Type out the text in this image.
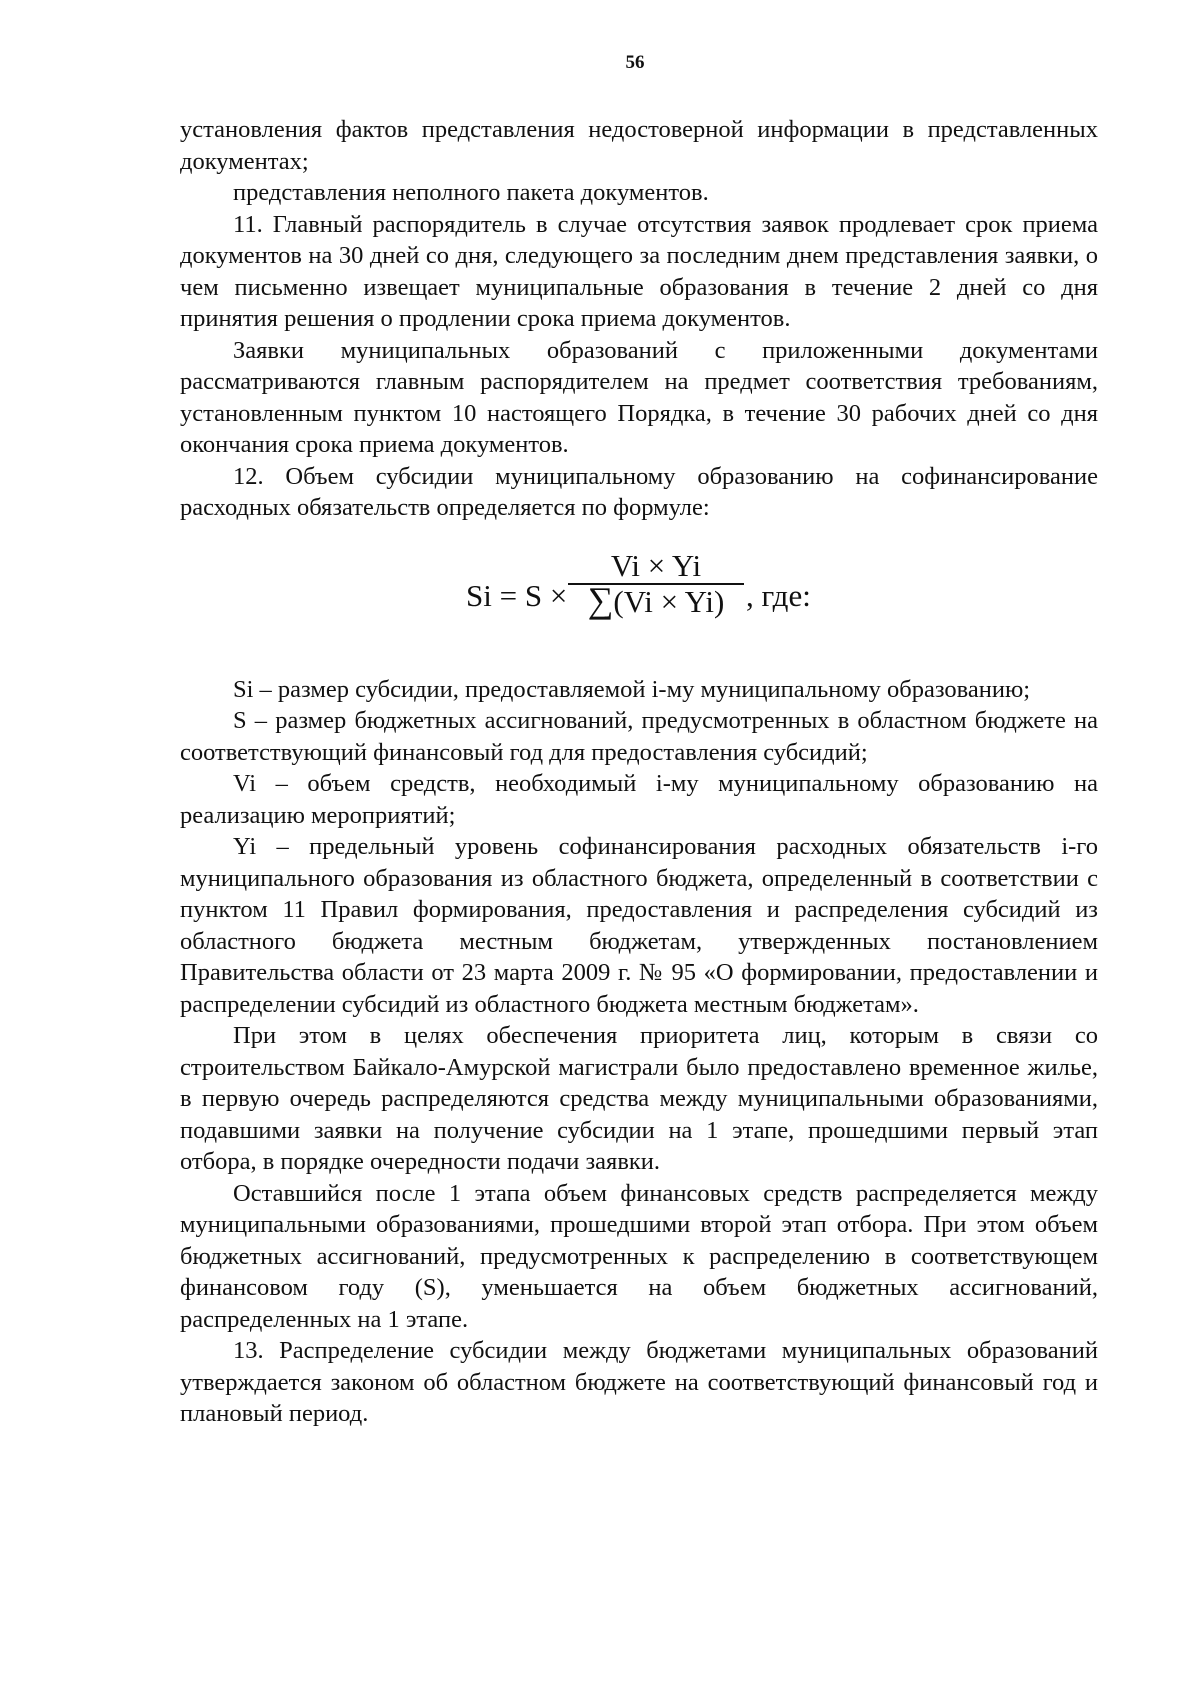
56

установления фактов представления недостоверной информации в представленных документах;

представления неполного пакета документов.

11. Главный распорядитель в случае отсутствия заявок продлевает срок приема документов на 30 дней со дня, следующего за последним днем представления заявки, о чем письменно извещает муниципальные образования в течение 2 дней со дня принятия решения о продлении срока приема документов.

Заявки муниципальных образований с приложенными документами рассматриваются главным распорядителем на предмет соответствия требованиям, установленным пунктом 10 настоящего Порядка, в течение 30 рабочих дней со дня окончания срока приема документов.

12. Объем субсидии муниципальному образованию на софинансирование расходных обязательств определяется по формуле:

Si = S ×
Vi × Yi
∑(Vi × Yi) , где:

Si – размер субсидии, предоставляемой i-му муниципальному образованию;

S – размер бюджетных ассигнований, предусмотренных в областном бюджете на соответствующий финансовый год для предоставления субсидий;

Vi – объем средств, необходимый i-му муниципальному образованию на реализацию мероприятий;

Yi – предельный уровень софинансирования расходных обязательств i-го муниципального образования из областного бюджета, определенный в соответствии с пунктом 11 Правил формирования, предоставления и распределения субсидий из областного бюджета местным бюджетам, утвержденных постановлением Правительства области от 23 марта 2009 г. № 95 «О формировании, предоставлении и распределении субсидий из областного бюджета местным бюджетам».

При этом в целях обеспечения приоритета лиц, которым в связи со строительством Байкало-Амурской магистрали было предоставлено временное жилье, в первую очередь распределяются средства между муниципальными образованиями, подавшими заявки на получение субсидии на 1 этапе, прошедшими первый этап отбора, в порядке очередности подачи заявки.

Оставшийся после 1 этапа объем финансовых средств распределяется между муниципальными образованиями, прошедшими второй этап отбора. При этом объем бюджетных ассигнований, предусмотренных к распределению в соответствующем финансовом году (S), уменьшается на объем бюджетных ассигнований, распределенных на 1 этапе.

13. Распределение субсидии между бюджетами муниципальных образований утверждается законом об областном бюджете на соответствующий финансовый год и плановый период.
